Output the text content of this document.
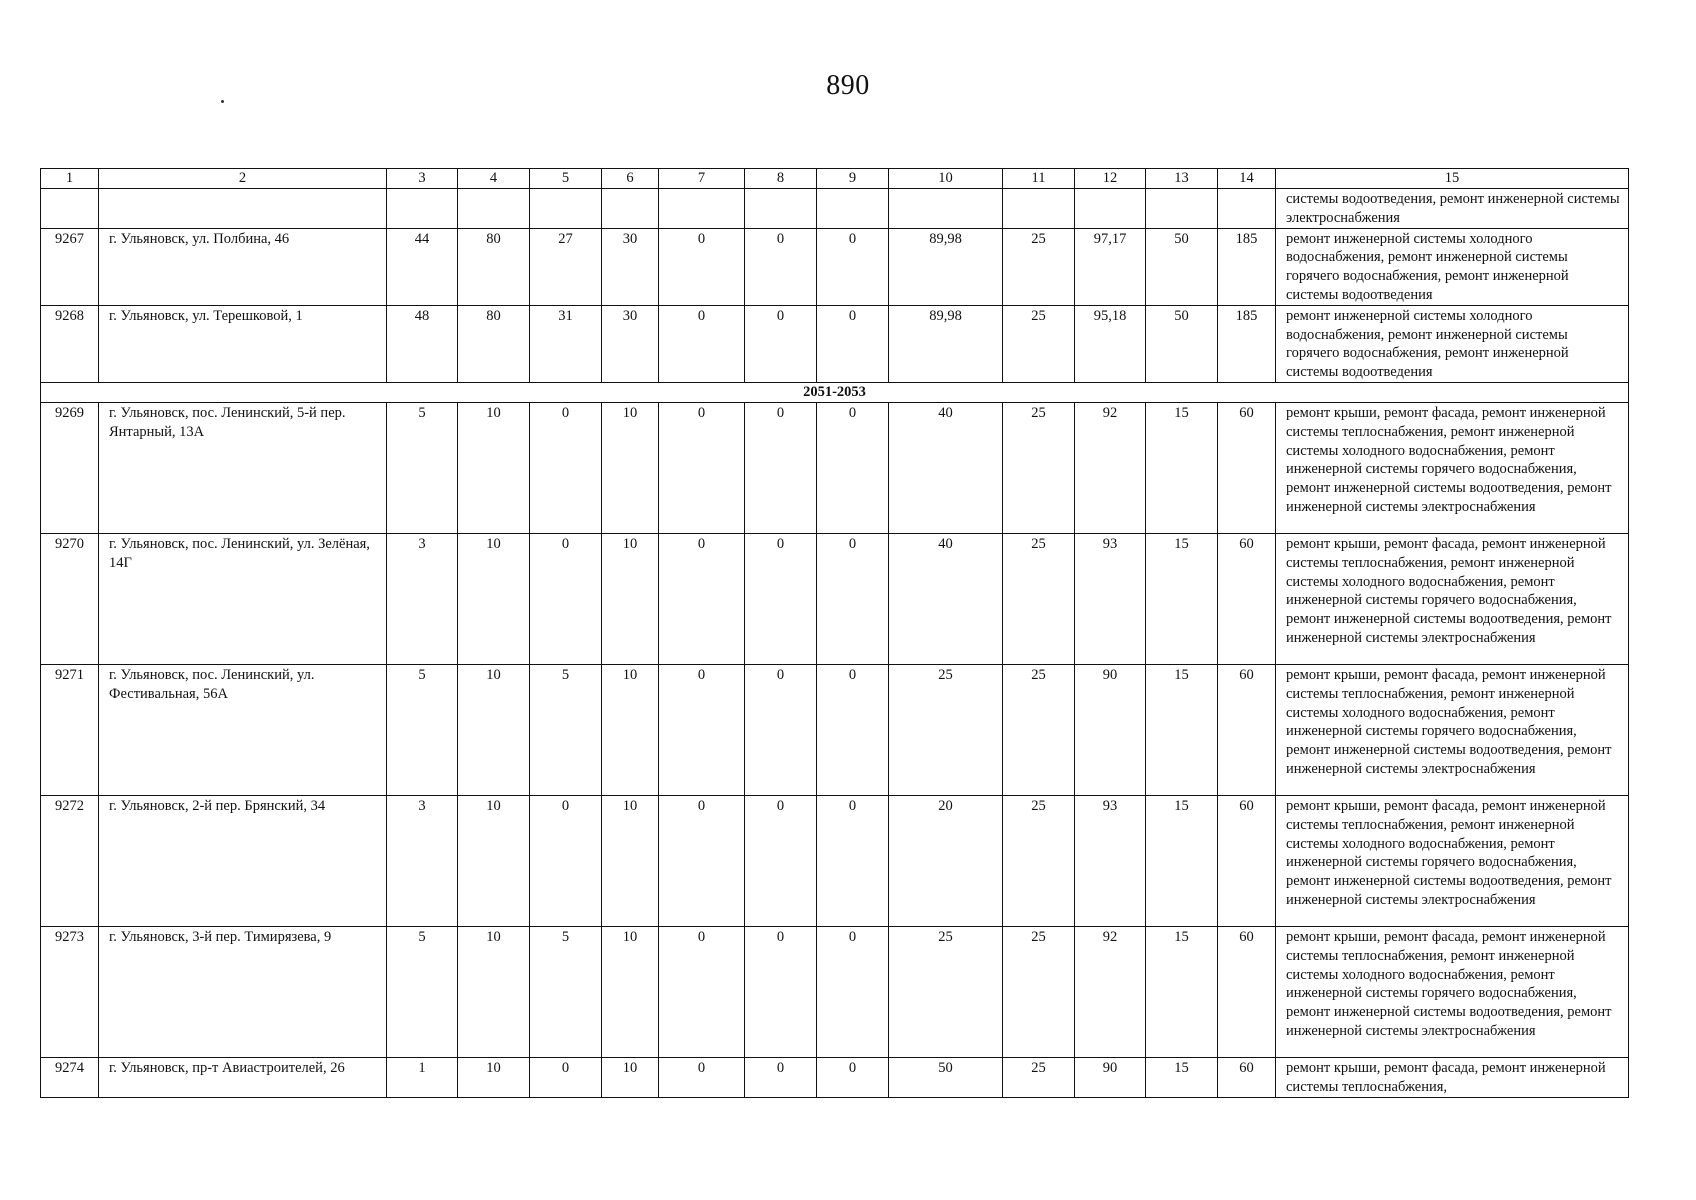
890
1	2	3	4	5	6	7	8	9	10	11	12	13	14	15
														системы водоотведения, ремонт инженерной системы электроснабжения
9267	г. Ульяновск, ул. Полбина, 46	44	80	27	30	0	0	0	89,98	25	97,17	50	185	ремонт инженерной системы холодного водоснабжения, ремонт инженерной системы горячего водоснабжения, ремонт инженерной системы водоотведения
9268	г. Ульяновск, ул. Терешковой, 1	48	80	31	30	0	0	0	89,98	25	95,18	50	185	ремонт инженерной системы холодного водоснабжения, ремонт инженерной системы горячего водоснабжения, ремонт инженерной системы водоотведения
2051-2053														
9269	г. Ульяновск, пос. Ленинский, 5-й пер. Янтарный, 13А	5	10	0	10	0	0	0	40	25	92	15	60	ремонт крыши, ремонт фасада, ремонт инженерной системы теплоснабжения, ремонт инженерной системы холодного водоснабжения, ремонт инженерной системы горячего водоснабжения, ремонт инженерной системы водоотведения, ремонт инженерной системы электроснабжения
9270	г. Ульяновск, пос. Ленинский, ул. Зелёная, 14Г	3	10	0	10	0	0	0	40	25	93	15	60	ремонт крыши, ремонт фасада, ремонт инженерной системы теплоснабжения, ремонт инженерной системы холодного водоснабжения, ремонт инженерной системы горячего водоснабжения, ремонт инженерной системы водоотведения, ремонт инженерной системы электроснабжения
9271	г. Ульяновск, пос. Ленинский, ул. Фестивальная, 56А	5	10	5	10	0	0	0	25	25	90	15	60	ремонт крыши, ремонт фасада, ремонт инженерной системы теплоснабжения, ремонт инженерной системы холодного водоснабжения, ремонт инженерной системы горячего водоснабжения, ремонт инженерной системы водоотведения, ремонт инженерной системы электроснабжения
9272	г. Ульяновск, 2-й пер. Брянский, 34	3	10	0	10	0	0	0	20	25	93	15	60	ремонт крыши, ремонт фасада, ремонт инженерной системы теплоснабжения, ремонт инженерной системы холодного водоснабжения, ремонт инженерной системы горячего водоснабжения, ремонт инженерной системы водоотведения, ремонт инженерной системы электроснабжения
9273	г. Ульяновск, 3-й пер. Тимирязева, 9	5	10	5	10	0	0	0	25	25	92	15	60	ремонт крыши, ремонт фасада, ремонт инженерной системы теплоснабжения, ремонт инженерной системы холодного водоснабжения, ремонт инженерной системы горячего водоснабжения, ремонт инженерной системы водоотведения, ремонт инженерной системы электроснабжения
9274	г. Ульяновск, пр-т Авиастроителей, 26	1	10	0	10	0	0	0	50	25	90	15	60	ремонт крыши, ремонт фасада, ремонт инженерной системы теплоснабжения,
